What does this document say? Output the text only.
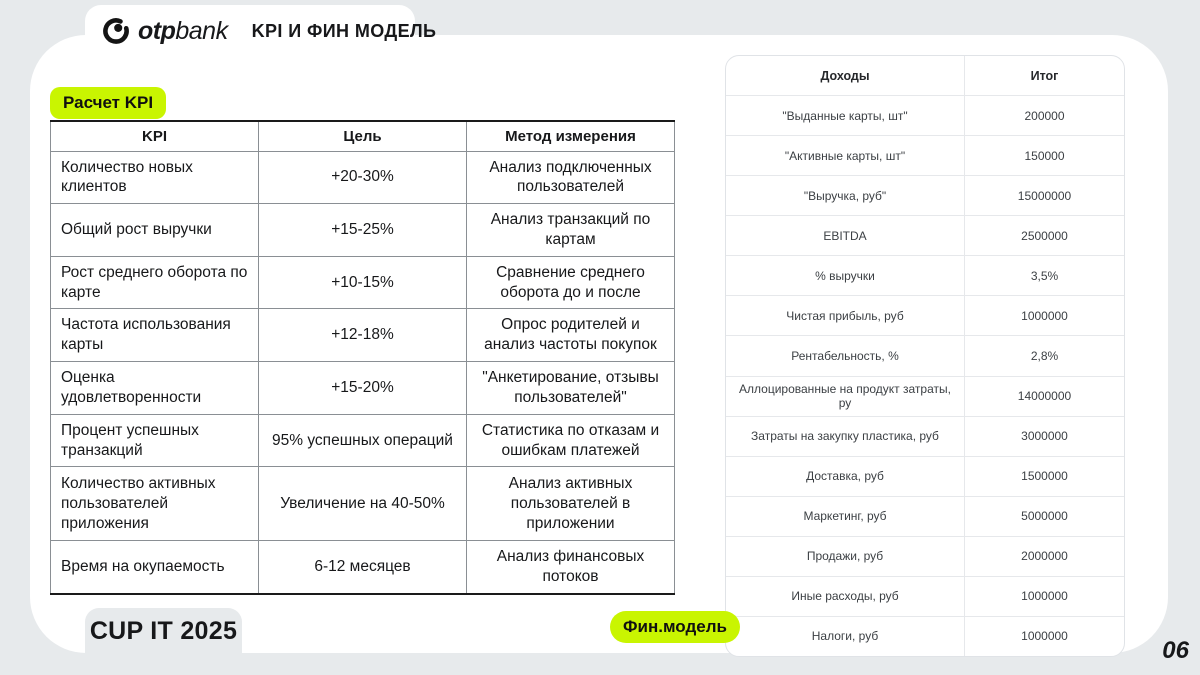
otpbank KPI И ФИН МОДЕЛЬ
Расчет KPI
KPI	Цель	Метод измерения
Количество новых клиентов	+20-30%	Анализ подключенных пользователей
Общий рост выручки	+15-25%	Анализ транзакций по картам
Рост среднего оборота по карте	+10-15%	Сравнение среднего оборота до и после
Частота использования карты	+12-18%	Опрос родителей и анализ частоты покупок
Оценка удовлетворенности	+15-20%	"Анкетирование, отзывы пользователей"
Процент успешных транзакций	95% успешных операций	Статистика по отказам и ошибкам платежей
Количество активных пользователей приложения	Увеличение на 40-50%	Анализ активных пользователей в приложении
Время на окупаемость	6-12 месяцев	Анализ финансовых потоков
Доходы	Итог
"Выданные карты, шт"	200000
"Активные карты, шт"	150000
"Выручка, руб"	15000000
EBITDA	2500000
% выручки	3,5%
Чистая прибыль, руб	1000000
Рентабельность, %	2,8%
Аллоцированные на продукт затраты, ру	14000000
Затраты на закупку пластика, руб	3000000
Доставка, руб	1500000
Маркетинг, руб	5000000
Продажи, руб	2000000
Иные расходы, руб	1000000
Налоги, руб	1000000
Фин.модель
CUP IT 2025
06
